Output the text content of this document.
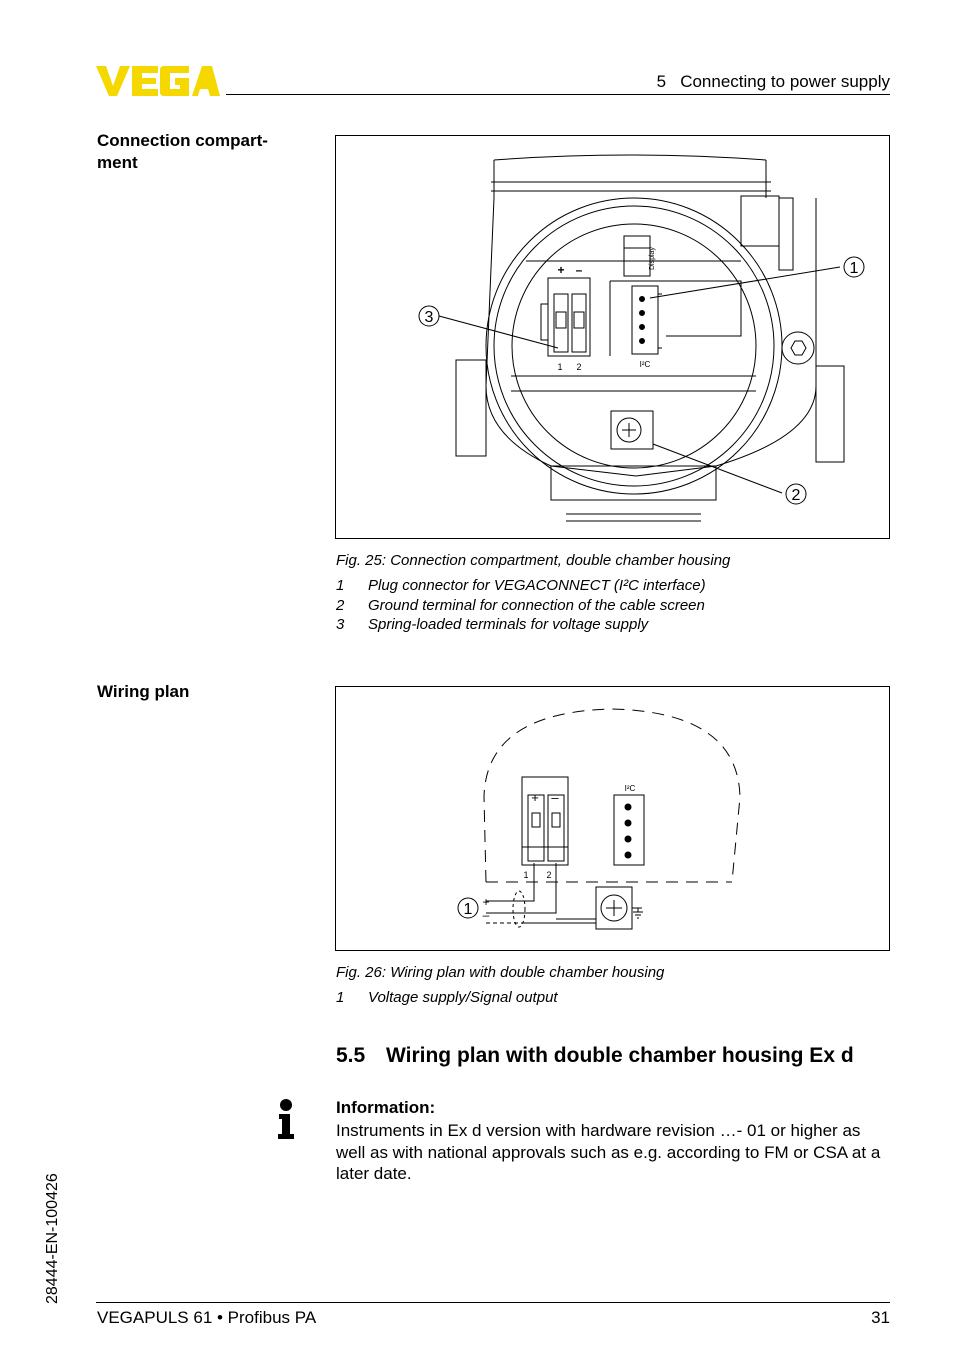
5   Connecting to power supply
Connection compart-
ment
1
2
3
+ –
1 2	I²C
Display
Fig. 25: Connection compartment, double chamber housing
1 Plug connector for VEGACONNECT (I²C interface)
2 Ground terminal for connection of the cable screen
3 Spring-loaded terminals for voltage supply
Wiring plan
1
+ –
1 2
I²C
+
–
Fig. 26: Wiring plan with double chamber housing
1 Voltage supply/Signal output
5.5 Wiring plan with double chamber housing Ex d
Information:
Instruments in Ex d version with hardware revision …- 01 or higher as well as with national approvals such as e.g. according to FM or CSA at a later date.
28444-EN-100426
VEGAPULS 61 • Profibus PA	31
